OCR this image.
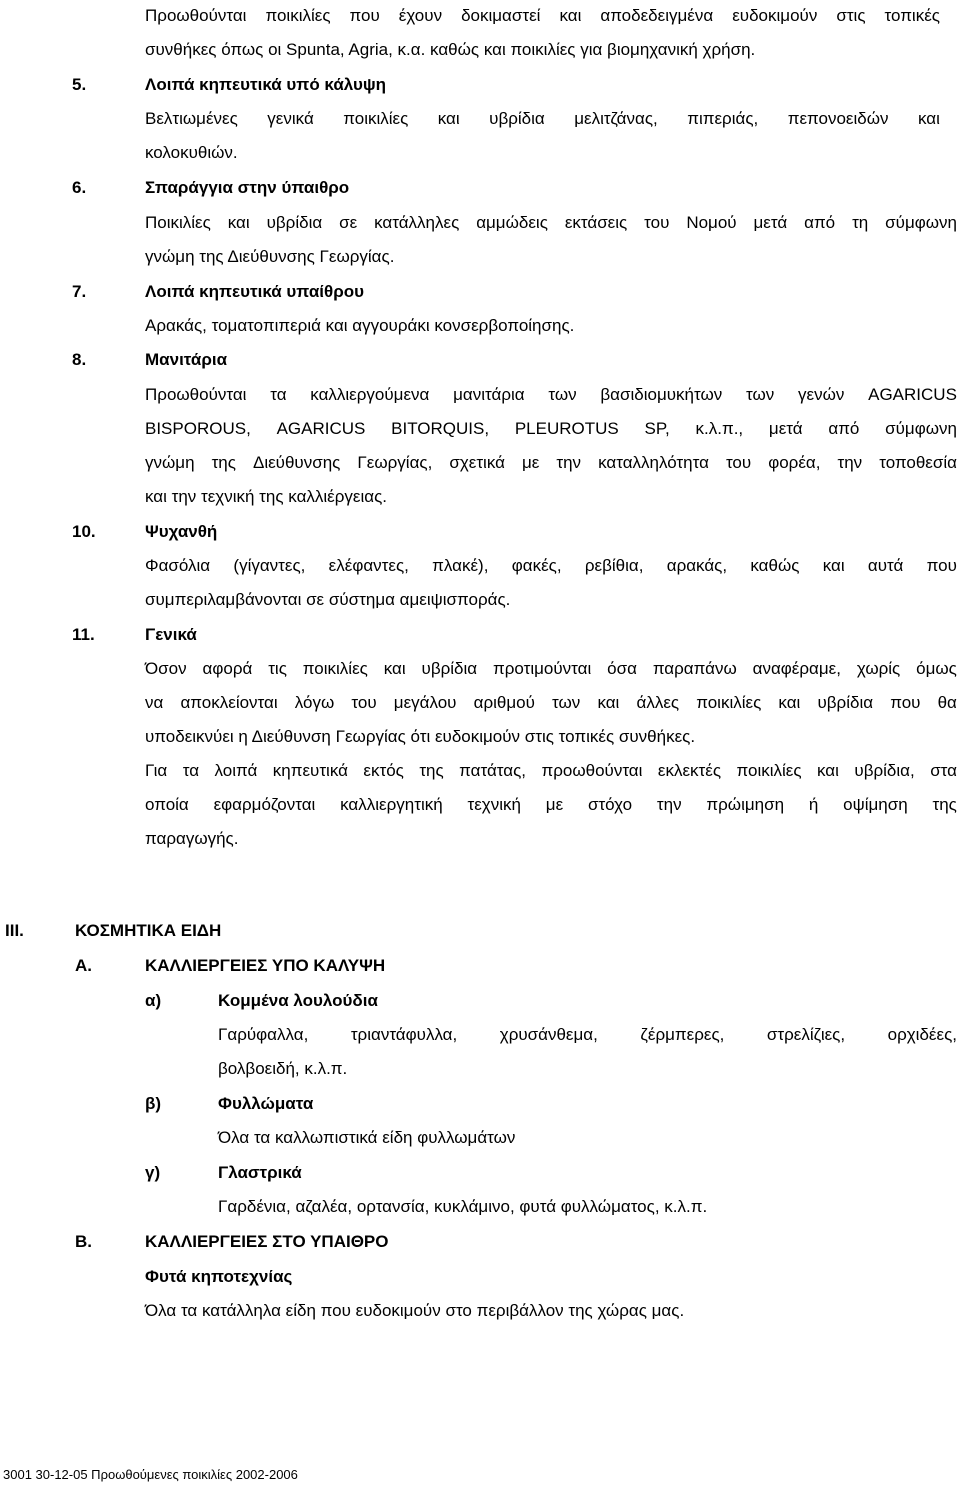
Προωθούνται ποικιλίες που έχουν δοκιμαστεί και αποδεδειγμένα ευδοκιμούν στις τοπικές
συνθήκες όπως οι Spunta, Agria, κ.α. καθώς και ποικιλίες για βιομηχανική χρήση.
5.	Λοιπά κηπευτικά υπό κάλυψη
Βελτιωμένες γενικά ποικιλίες και υβρίδια μελιτζάνας, πιπεριάς, πεπονοειδών και
κολοκυθιών.
6.	Σπαράγγια στην ύπαιθρο
Ποικιλίες και υβρίδια σε κατάλληλες αμμώδεις εκτάσεις του Νομού μετά από τη σύμφωνη
γνώμη της Διεύθυνσης Γεωργίας.
7.	Λοιπά κηπευτικά υπαίθρου
Αρακάς, τοματοπιπεριά και αγγουράκι κονσερβοποίησης.
8.	Μανιτάρια
Προωθούνται τα καλλιεργούμενα μανιτάρια των βασιδιομυκήτων των γενών AGARICUS
BISPOROUS, AGARICUS BITORQUIS, PLEUROTUS SP, κ.λ.π., μετά από σύμφωνη
γνώμη της Διεύθυνσης Γεωργίας, σχετικά με την καταλληλότητα του φορέα, την τοποθεσία
και την τεχνική της καλλιέργειας.
10.	Ψυχανθή
Φασόλια (γίγαντες, ελέφαντες, πλακέ), φακές, ρεβίθια, αρακάς, καθώς και αυτά που
συμπεριλαμβάνονται σε σύστημα αμειψισποράς.
11.	Γενικά
Όσον αφορά τις ποικιλίες και υβρίδια προτιμούνται όσα παραπάνω αναφέραμε, χωρίς όμως
να αποκλείονται λόγω του μεγάλου αριθμού των και άλλες ποικιλίες και υβρίδια που θα
υποδεικνύει η Διεύθυνση Γεωργίας ότι ευδοκιμούν στις τοπικές συνθήκες.
Για τα λοιπά κηπευτικά εκτός της πατάτας, προωθούνται εκλεκτές ποικιλίες και υβρίδια, στα
οποία εφαρμόζονται καλλιεργητική τεχνική με στόχο την πρώιμηση ή οψίμηση της
παραγωγής.
III.	ΚΟΣΜΗΤΙΚΑ ΕΙΔΗ
Α.	ΚΑΛΛΙΕΡΓΕΙΕΣ ΥΠΟ ΚΑΛΥΨΗ
α)	Κομμένα λουλούδια
Γαρύφαλλα,	τριαντάφυλλα,	χρυσάνθεμα,	ζέρμπερες,	στρελίζιες,	ορχιδέες,
βολβοειδή, κ.λ.π.
β)	Φυλλώματα
Όλα τα καλλωπιστικά είδη φυλλωμάτων
γ)	Γλαστρικά
Γαρδένια, αζαλέα, ορτανσία, κυκλάμινο, φυτά φυλλώματος, κ.λ.π.
Β.	ΚΑΛΛΙΕΡΓΕΙΕΣ ΣΤΟ ΥΠΑΙΘΡΟ
Φυτά κηποτεχνίας
Όλα τα κατάλληλα είδη που ευδοκιμούν στο περιβάλλον της χώρας μας.
3001 30-12-05 Προωθούμενες ποικιλίες 2002-2006
